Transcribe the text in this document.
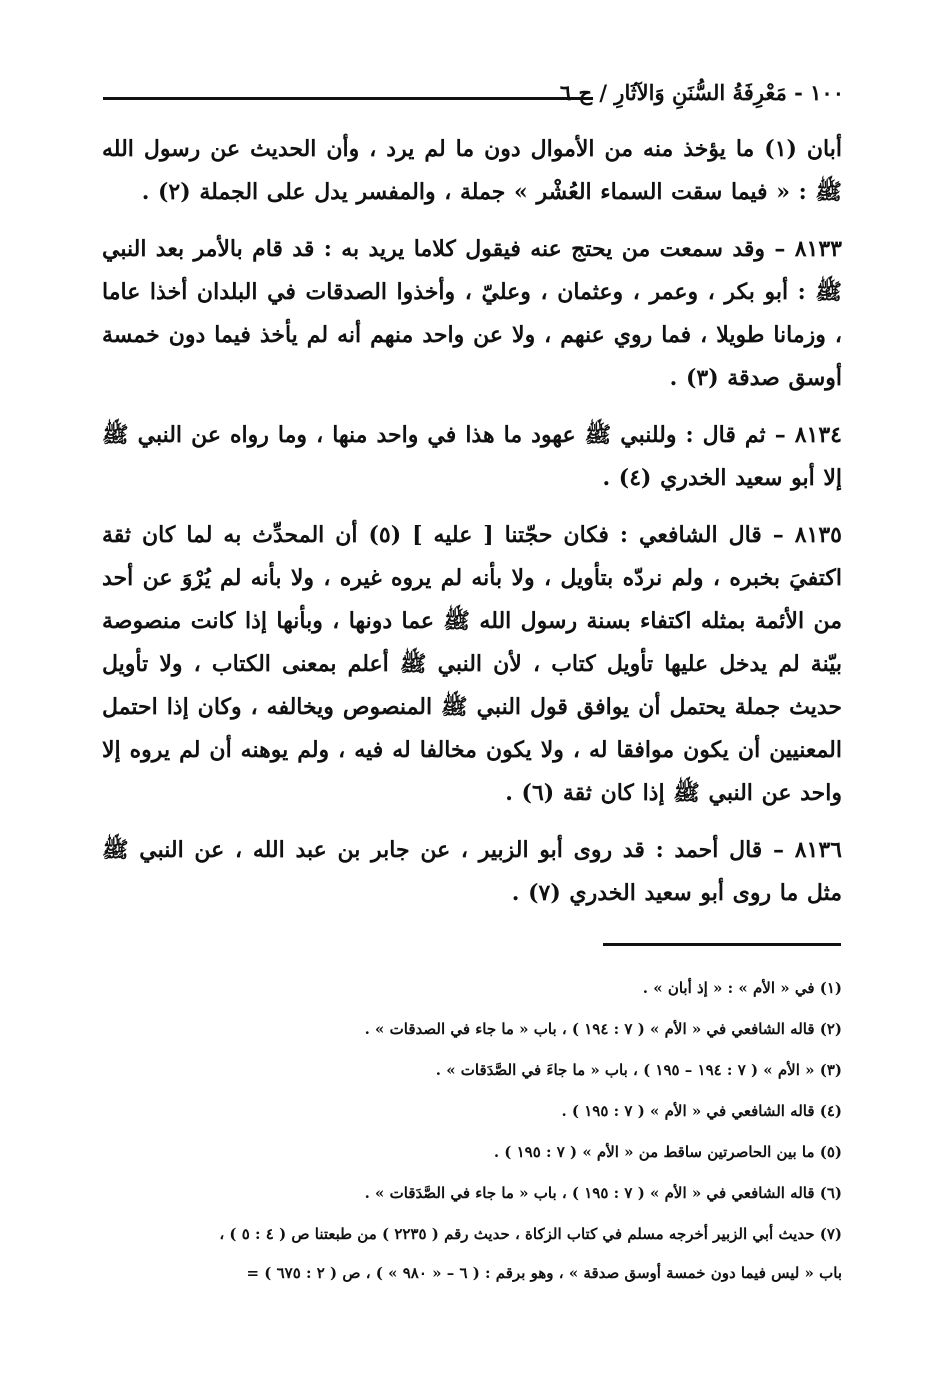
١٠٠ - مَعْرِفَةُ السُّنَنِ وَالآثَارِ / ج ٦

أبان (١) ما يؤخذ منه من الأموال دون ما لم يرد ، وأن الحديث عن رسول الله ﷺ : « فيما سقت السماء العُشْر » جملة ، والمفسر يدل على الجملة (٢) .

٨١٣٣ – وقد سمعت من يحتج عنه فيقول كلاما يريد به : قد قام بالأمر بعد النبي ﷺ : أبو بكر ، وعمر ، وعثمان ، وعليّ ، وأخذوا الصدقات في البلدان أخذا عاما ، وزمانا طويلا ، فما روي عنهم ، ولا عن واحد منهم أنه لم يأخذ فيما دون خمسة أوسق صدقة (٣) .

٨١٣٤ – ثم قال : وللنبي ﷺ عهود ما هذا في واحد منها ، وما رواه عن النبي ﷺ إلا أبو سعيد الخدري (٤) .

٨١٣٥ – قال الشافعي : فكان حجّتنا [ عليه ] (٥) أن المحدِّث به لما كان ثقة اكتفيَ بخبره ، ولم نردّه بتأويل ، ولا بأنه لم يروه غيره ، ولا بأنه لم يُرْوَ عن أحد من الأئمة بمثله اكتفاء بسنة رسول الله ﷺ عما دونها ، وبأنها إذا كانت منصوصة بيّنة لم يدخل عليها تأويل كتاب ، لأن النبي ﷺ أعلم بمعنى الكتاب ، ولا تأويل حديث جملة يحتمل أن يوافق قول النبي ﷺ المنصوص ويخالفه ، وكان إذا احتمل المعنيين أن يكون موافقا له ، ولا يكون مخالفا له فيه ، ولم يوهنه أن لم يروه إلا واحد عن النبي ﷺ إذا كان ثقة (٦) .

٨١٣٦ – قال أحمد : قد روى أبو الزبير ، عن جابر بن عبد الله ، عن النبي ﷺ مثل ما روى أبو سعيد الخدري (٧) .

(١) في « الأم » : « إذ أبان » .

(٢) قاله الشافعي في « الأم » ( ٧ : ١٩٤ ) ، باب « ما جاء في الصدقات » .

(٣) « الأم » ( ٧ : ١٩٤ – ١٩٥ ) ، باب « ما جاءَ في الصَّدَقات » .

(٤) قاله الشافعي في « الأم » ( ٧ : ١٩٥ ) .

(٥) ما بين الحاصرتين ساقط من « الأم » ( ٧ : ١٩٥ ) .

(٦) قاله الشافعي في « الأم » ( ٧ : ١٩٥ ) ، باب « ما جاء في الصَّدَقات » .

(٧) حديث أبي الزبير أخرجه مسلم في كتاب الزكاة ، حديث رقم ( ٢٢٣٥ ) من طبعتنا ص ( ٤ : ٥ ) ،

باب « ليس فيما دون خمسة أوسق صدقة » ، وهو برقم : ( ٦ – « ٩٨٠ » ) ، ص ( ٢ : ٦٧٥ ) =
